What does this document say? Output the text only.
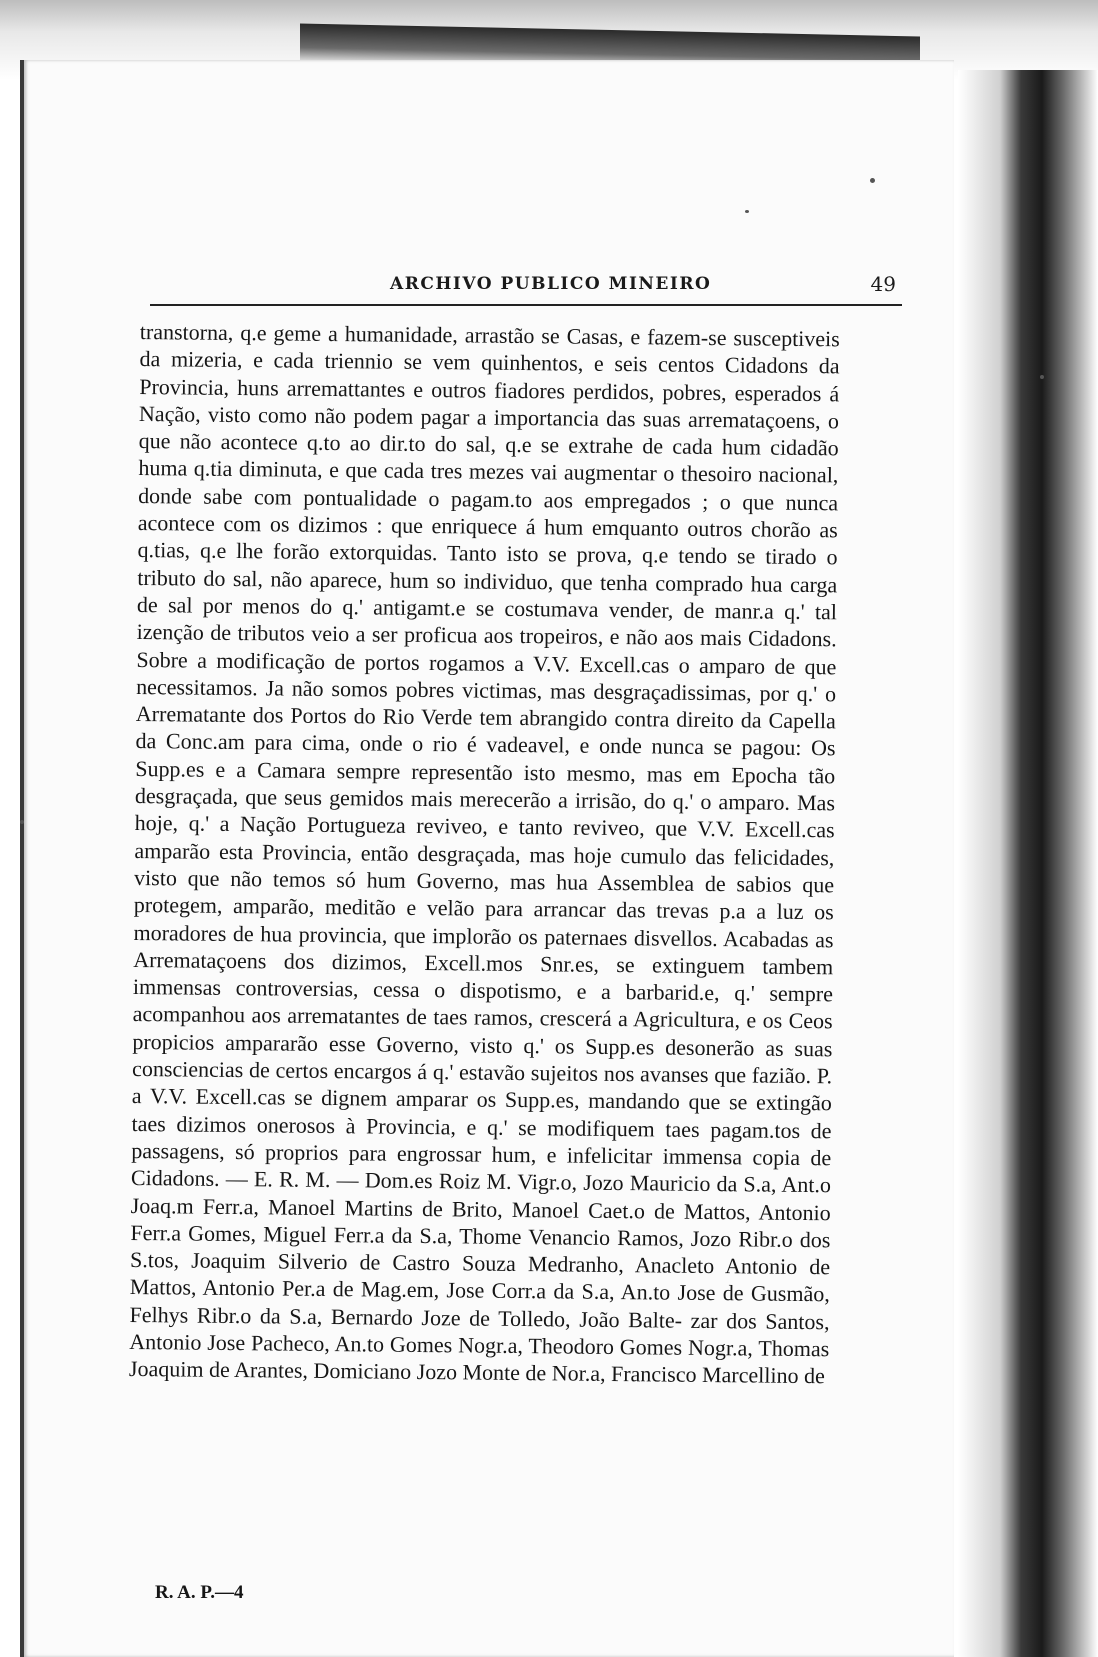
ARCHIVO PUBLICO MINEIRO	49

transtorna, q.e geme a humanidade, arrastão se Casas, e fazem-se susceptiveis da mizeria, e cada triennio se vem quinhentos, e seis centos Cidadons da Provincia, huns arremattantes e outros fiadores perdidos, pobres, esperados á Nação, visto como não podem pagar a importancia das suas arremataçoens, o que não acontece q.to ao dir.to do sal, q.e se extrahe de cada hum cidadão huma q.tia diminuta, e que cada tres mezes vai augmentar o thesoiro nacional, donde sabe com pontualidade o pagam.to aos empregados ; o que nunca acontece com os dizimos : que enriquece á hum emquanto outros chorão as q.tias, q.e lhe forão extorquidas. Tanto isto se prova, q.e tendo se tirado o tributo do sal, não aparece, hum so individuo, que tenha comprado hua carga de sal por menos do q.' antigamt.e se costumava vender, de manr.a q.' tal izenção de tributos veio a ser proficua aos tropeiros, e não aos mais Cidadons. Sobre a modificação de portos rogamos a V.V. Excell.cas o amparo de que necessitamos. Ja não somos pobres victimas, mas desgraçadissimas, por q.' o Arrematante dos Portos do Rio Verde tem abrangido contra direito da Capella da Conc.am para cima, onde o rio é vadeavel, e onde nunca se pagou: Os Supp.es e a Camara sempre representão isto mesmo, mas em Epocha tão desgraçada, que seus gemidos mais merecerão a irrisão, do q.' o amparo. Mas hoje, q.' a Nação Portugueza reviveo, e tanto reviveo, que V.V. Excell.cas amparão esta Provincia, então desgraçada, mas hoje cumulo das felicidades, visto que não temos só hum Governo, mas hua Assemblea de sabios que protegem, amparão, meditão e velão para arrancar das trevas p.a a luz os moradores de hua provincia, que implorão os paternaes disvellos. Acabadas as Arremataçoens dos dizimos, Excell.mos Snr.es, se extinguem tambem immensas controversias, cessa o dispotismo, e a barbarid.e, q.' sempre acompanhou aos arrematantes de taes ramos, crescerá a Agricultura, e os Ceos propicios ampararão esse Governo, visto q.' os Supp.es desonerão as suas consciencias de certos encargos á q.' estavão sujeitos nos avanses que fazião. P. a V.V. Excell.cas se dignem amparar os Supp.es, mandando que se extingão taes dizimos onerosos à Provincia, e q.' se modifiquem taes pagam.tos de passagens, só proprios para engrossar hum, e infelicitar immensa copia de Cidadons. — E. R. M. — Dom.es Roiz M. Vigr.o, Jozo Mauricio da S.a, Ant.o Joaq.m Ferr.a, Manoel Martins de Brito, Manoel Caet.o de Mattos, Antonio Ferr.a Gomes, Miguel Ferr.a da S.a, Thome Venancio Ramos, Jozo Ribr.o dos S.tos, Joaquim Silverio de Castro Souza Medranho, Anacleto Antonio de Mattos, Antonio Per.a de Mag.em, Jose Corr.a da S.a, An.to Jose de Gusmão, Felhys Ribr.o da S.a, Bernardo Joze de Tolledo, João Balte- zar dos Santos, Antonio Jose Pacheco, An.to Gomes Nogr.a, Theodoro Gomes Nogr.a, Thomas Joaquim de Arantes, Domiciano Jozo Monte de Nor.a, Francisco Marcellino de

R. A. P.—4
